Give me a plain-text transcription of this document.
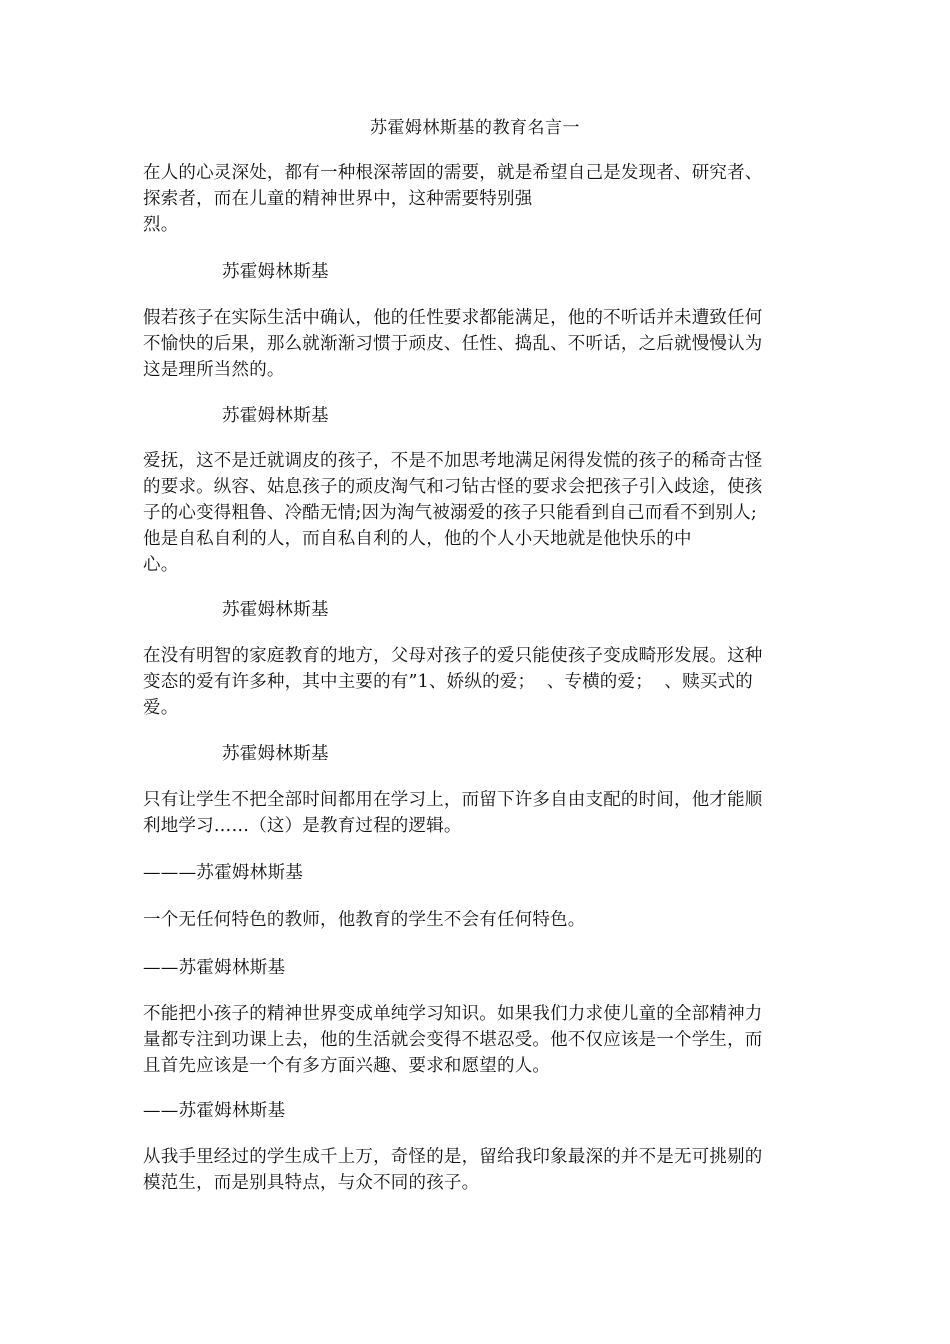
苏霍姆林斯基的教育名言一
在人的心灵深处，都有一种根深蒂固的需要，就是希望自己是发现者、研究者、
探索者，而在儿童的精神世界中，这种需要特别强
烈。
苏霍姆林斯基
假若孩子在实际生活中确认，他的任性要求都能满足，他的不听话并未遭致任何
不愉快的后果，那么就渐渐习惯于顽皮、任性、捣乱、不听话，之后就慢慢认为
这是理所当然的。
苏霍姆林斯基
爱抚，这不是迁就调皮的孩子，不是不加思考地满足闲得发慌的孩子的稀奇古怪
的要求。纵容、姑息孩子的顽皮淘气和刁钻古怪的要求会把孩子引入歧途，使孩
子的心变得粗鲁、冷酷无情;因为淘气被溺爱的孩子只能看到自己而看不到别人;
他是自私自利的人，而自私自利的人，他的个人小天地就是他快乐的中
心。
苏霍姆林斯基
在没有明智的家庭教育的地方，父母对孩子的爱只能使孩子变成畸形发展。这种
变态的爱有许多种，其中主要的有”1、娇纵的爱；  、专横的爱；  、赎买式的
爱。
苏霍姆林斯基
只有让学生不把全部时间都用在学习上，而留下许多自由支配的时间，他才能顺
利地学习……（这）是教育过程的逻辑。
———苏霍姆林斯基
一个无任何特色的教师，他教育的学生不会有任何特色。
——苏霍姆林斯基
不能把小孩子的精神世界变成单纯学习知识。如果我们力求使儿童的全部精神力
量都专注到功课上去，他的生活就会变得不堪忍受。他不仅应该是一个学生，而
且首先应该是一个有多方面兴趣、要求和愿望的人。
——苏霍姆林斯基
从我手里经过的学生成千上万，奇怪的是，留给我印象最深的并不是无可挑剔的
模范生，而是别具特点，与众不同的孩子。
